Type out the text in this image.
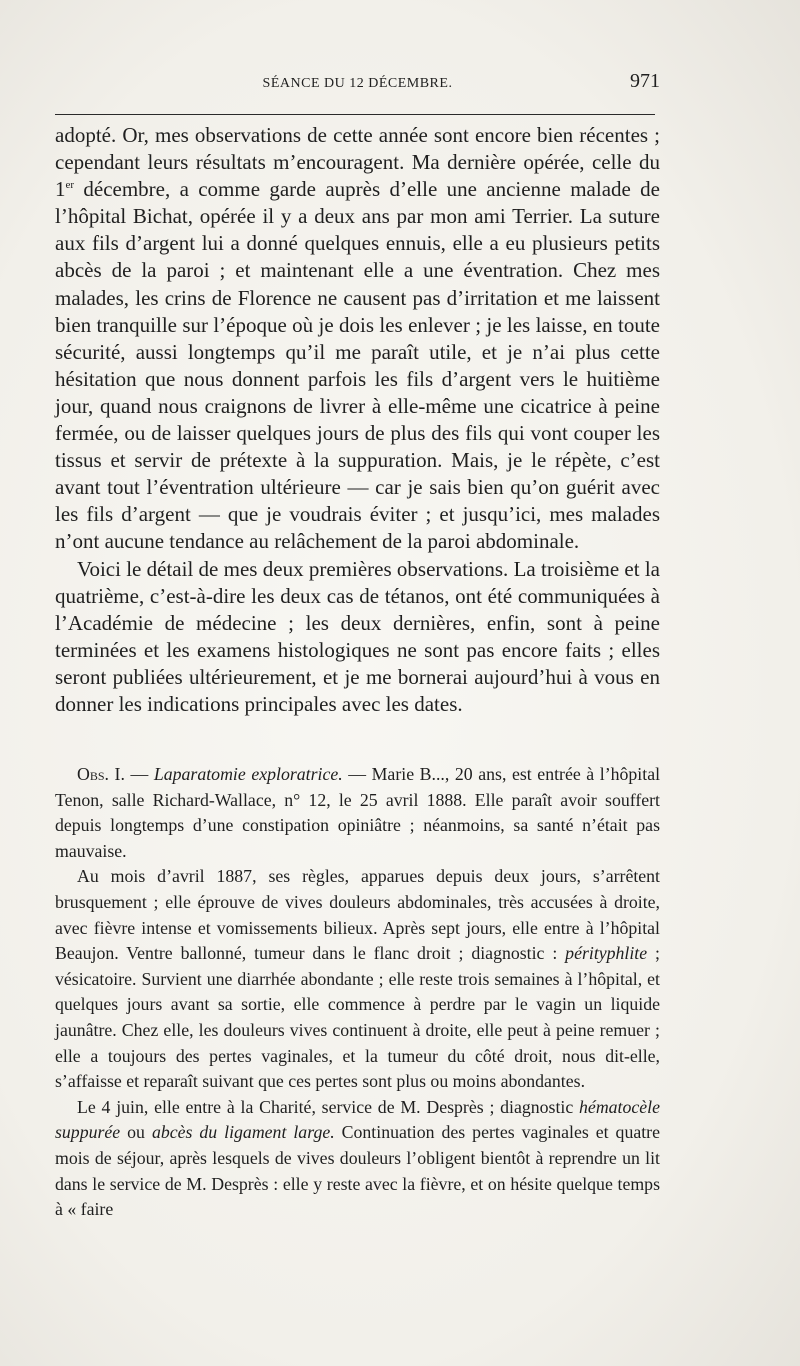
SÉANCE DU 12 DÉCEMBRE.	971

adopté. Or, mes observations de cette année sont encore bien récentes ; cependant leurs résultats m’encouragent. Ma dernière opérée, celle du 1er décembre, a comme garde auprès d’elle une ancienne malade de l’hôpital Bichat, opérée il y a deux ans par mon ami Terrier. La suture aux fils d’argent lui a donné quelques ennuis, elle a eu plusieurs petits abcès de la paroi ; et maintenant elle a une éventration. Chez mes malades, les crins de Florence ne causent pas d’irritation et me laissent bien tranquille sur l’époque où je dois les enlever ; je les laisse, en toute sécurité, aussi longtemps qu’il me paraît utile, et je n’ai plus cette hésitation que nous donnent parfois les fils d’argent vers le huitième jour, quand nous craignons de livrer à elle-même une cicatrice à peine fermée, ou de laisser quelques jours de plus des fils qui vont couper les tissus et servir de prétexte à la suppuration. Mais, je le répète, c’est avant tout l’éventration ultérieure — car je sais bien qu’on guérit avec les fils d’argent — que je voudrais éviter ; et jusqu’ici, mes malades n’ont aucune tendance au relâchement de la paroi abdominale.

Voici le détail de mes deux premières observations. La troisième et la quatrième, c’est-à-dire les deux cas de tétanos, ont été communiquées à l’Académie de médecine ; les deux dernières, enfin, sont à peine terminées et les examens histologiques ne sont pas encore faits ; elles seront publiées ultérieurement, et je me bornerai aujourd’hui à vous en donner les indications principales avec les dates.

Obs. I. — Laparatomie exploratrice. — Marie B..., 20 ans, est entrée à l’hôpital Tenon, salle Richard-Wallace, n° 12, le 25 avril 1888. Elle paraît avoir souffert depuis longtemps d’une constipation opiniâtre ; néanmoins, sa santé n’était pas mauvaise.

Au mois d’avril 1887, ses règles, apparues depuis deux jours, s’arrêtent brusquement ; elle éprouve de vives douleurs abdominales, très accusées à droite, avec fièvre intense et vomissements bilieux. Après sept jours, elle entre à l’hôpital Beaujon. Ventre ballonné, tumeur dans le flanc droit ; diagnostic : pérityphlite ; vésicatoire. Survient une diarrhée abondante ; elle reste trois semaines à l’hôpital, et quelques jours avant sa sortie, elle commence à perdre par le vagin un liquide jaunâtre. Chez elle, les douleurs vives continuent à droite, elle peut à peine remuer ; elle a toujours des pertes vaginales, et la tumeur du côté droit, nous dit-elle, s’affaisse et reparaît suivant que ces pertes sont plus ou moins abondantes.

Le 4 juin, elle entre à la Charité, service de M. Desprès ; diagnostic hématocèle suppurée ou abcès du ligament large. Continuation des pertes vaginales et quatre mois de séjour, après lesquels de vives douleurs l’obligent bientôt à reprendre un lit dans le service de M. Desprès : elle y reste avec la fièvre, et on hésite quelque temps à « faire
